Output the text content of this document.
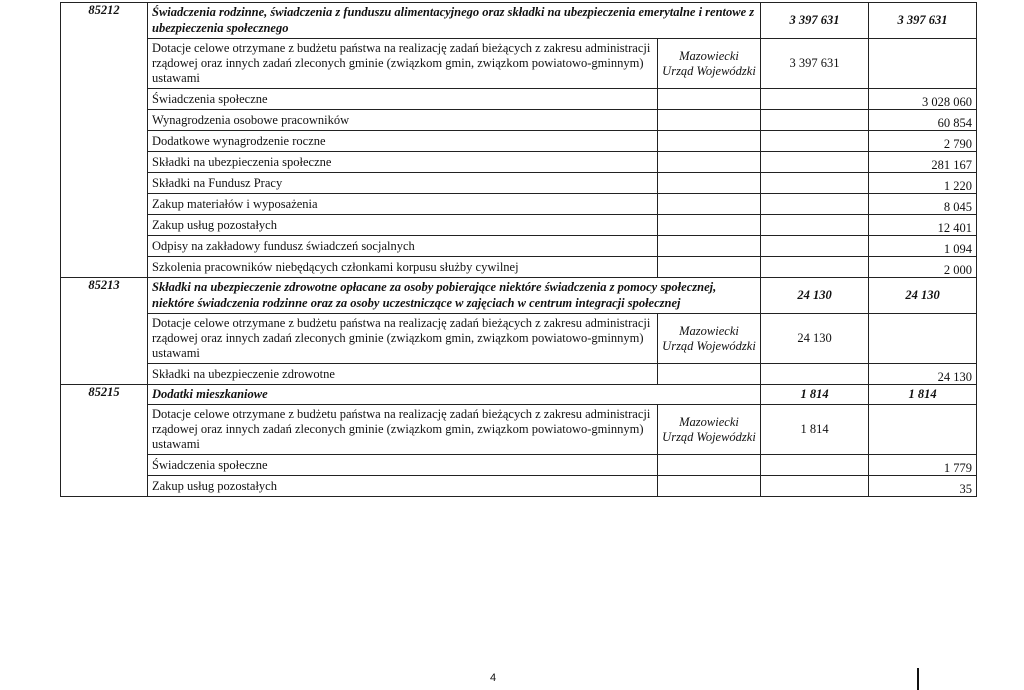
85212	Świadczenia rodzinne, świadczenia z funduszu alimentacyjnego oraz składki na ubezpieczenia emerytalne i rentowe z ubezpieczenia społecznego		3 397 631	3 397 631
	Dotacje celowe otrzymane z budżetu państwa na realizację zadań bieżących z zakresu administracji rządowej oraz innych zadań zleconych gminie (związkom gmin, związkom powiatowo-gminnym) ustawami	Mazowiecki Urząd Wojewódzki	3 397 631	
	Świadczenia społeczne			3 028 060
	Wynagrodzenia osobowe pracowników			60 854
	Dodatkowe wynagrodzenie roczne			2 790
	Składki na ubezpieczenia społeczne			281 167
	Składki na Fundusz Pracy			1 220
	Zakup materiałów i wyposażenia			8 045
	Zakup usług pozostałych			12 401
	Odpisy na zakładowy fundusz świadczeń socjalnych			1 094
	Szkolenia pracowników niebędących członkami korpusu służby cywilnej			2 000
85213	Składki na ubezpieczenie zdrowotne opłacane za osoby pobierające niektóre świadczenia z pomocy społecznej, niektóre świadczenia rodzinne oraz za osoby uczestniczące w zajęciach w centrum integracji społecznej		24 130	24 130
	Dotacje celowe otrzymane z budżetu państwa na realizację zadań bieżących z zakresu administracji rządowej oraz innych zadań zleconych gminie (związkom gmin, związkom powiatowo-gminnym) ustawami	Mazowiecki Urząd Wojewódzki	24 130	
	Składki na ubezpieczenie zdrowotne			24 130
85215	Dodatki mieszkaniowe		1 814	1 814
	Dotacje celowe otrzymane z budżetu państwa na realizację zadań bieżących z zakresu administracji rządowej oraz innych zadań zleconych gminie (związkom gmin, związkom powiatowo-gminnym) ustawami	Mazowiecki Urząd Wojewódzki	1 814	
	Świadczenia społeczne			1 779
	Zakup usług pozostałych			35
4
